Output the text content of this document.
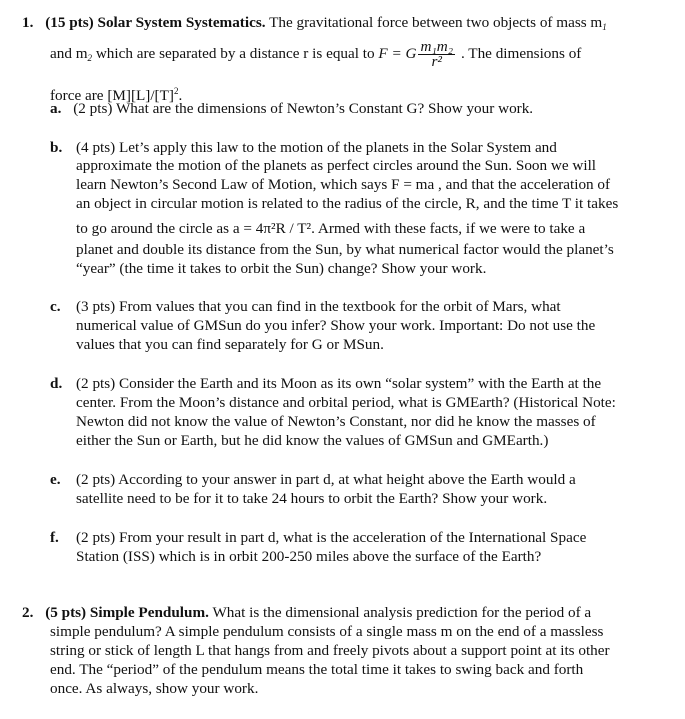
1. (15 pts) Solar System Systematics. The gravitational force between two objects of mass $m_1$
and $m_2$ which are separated by a distance r is equal to F = G $\frac{\text{m₁m₂}}{\text{r²}}$ . The dimensions of
force are $[M][L]/[T]^2$.
a. (2 pts) What are the dimensions of Newton’s Constant G? Show your work.
b. (4 pts) Let’s apply this law to the motion of the planets in the Solar System and
approximate the motion of the planets as perfect circles around the Sun. Soon we will
learn Newton’s Second Law of Motion, which says F = ma , and that the acceleration of
an object in circular motion is related to the radius of the circle, R, and the time T it takes
to go around the circle as a = 4π²R / T². Armed with these facts, if we were to take a
planet and double its distance from the Sun, by what numerical factor would the planet’s
“year” (the time it takes to orbit the Sun) change? Show your work.
c. (3 pts) From values that you can find in the textbook for the orbit of Mars, what
numerical value of GMSun do you infer? Show your work. Important: Do not use the
values that you can find separately for G or MSun.
d. (2 pts) Consider the Earth and its Moon as its own “solar system” with the Earth at the
center. From the Moon’s distance and orbital period, what is GMEarth? (Historical Note:
Newton did not know the value of Newton’s Constant, nor did he know the masses of
either the Sun or Earth, but he did know the values of GMSun and GMEarth.)
e. (2 pts) According to your answer in part d, at what height above the Earth would a
satellite need to be for it to take 24 hours to orbit the Earth? Show your work.
f. (2 pts) From your result in part d, what is the acceleration of the International Space
Station (ISS) which is in orbit 200-250 miles above the surface of the Earth?
2. (5 pts) Simple Pendulum. What is the dimensional analysis prediction for the period of a
simple pendulum? A simple pendulum consists of a single mass m on the end of a massless
string or stick of length L that hangs from and freely pivots about a support point at its other
end. The “period” of the pendulum means the total time it takes to swing back and forth
once. As always, show your work.
